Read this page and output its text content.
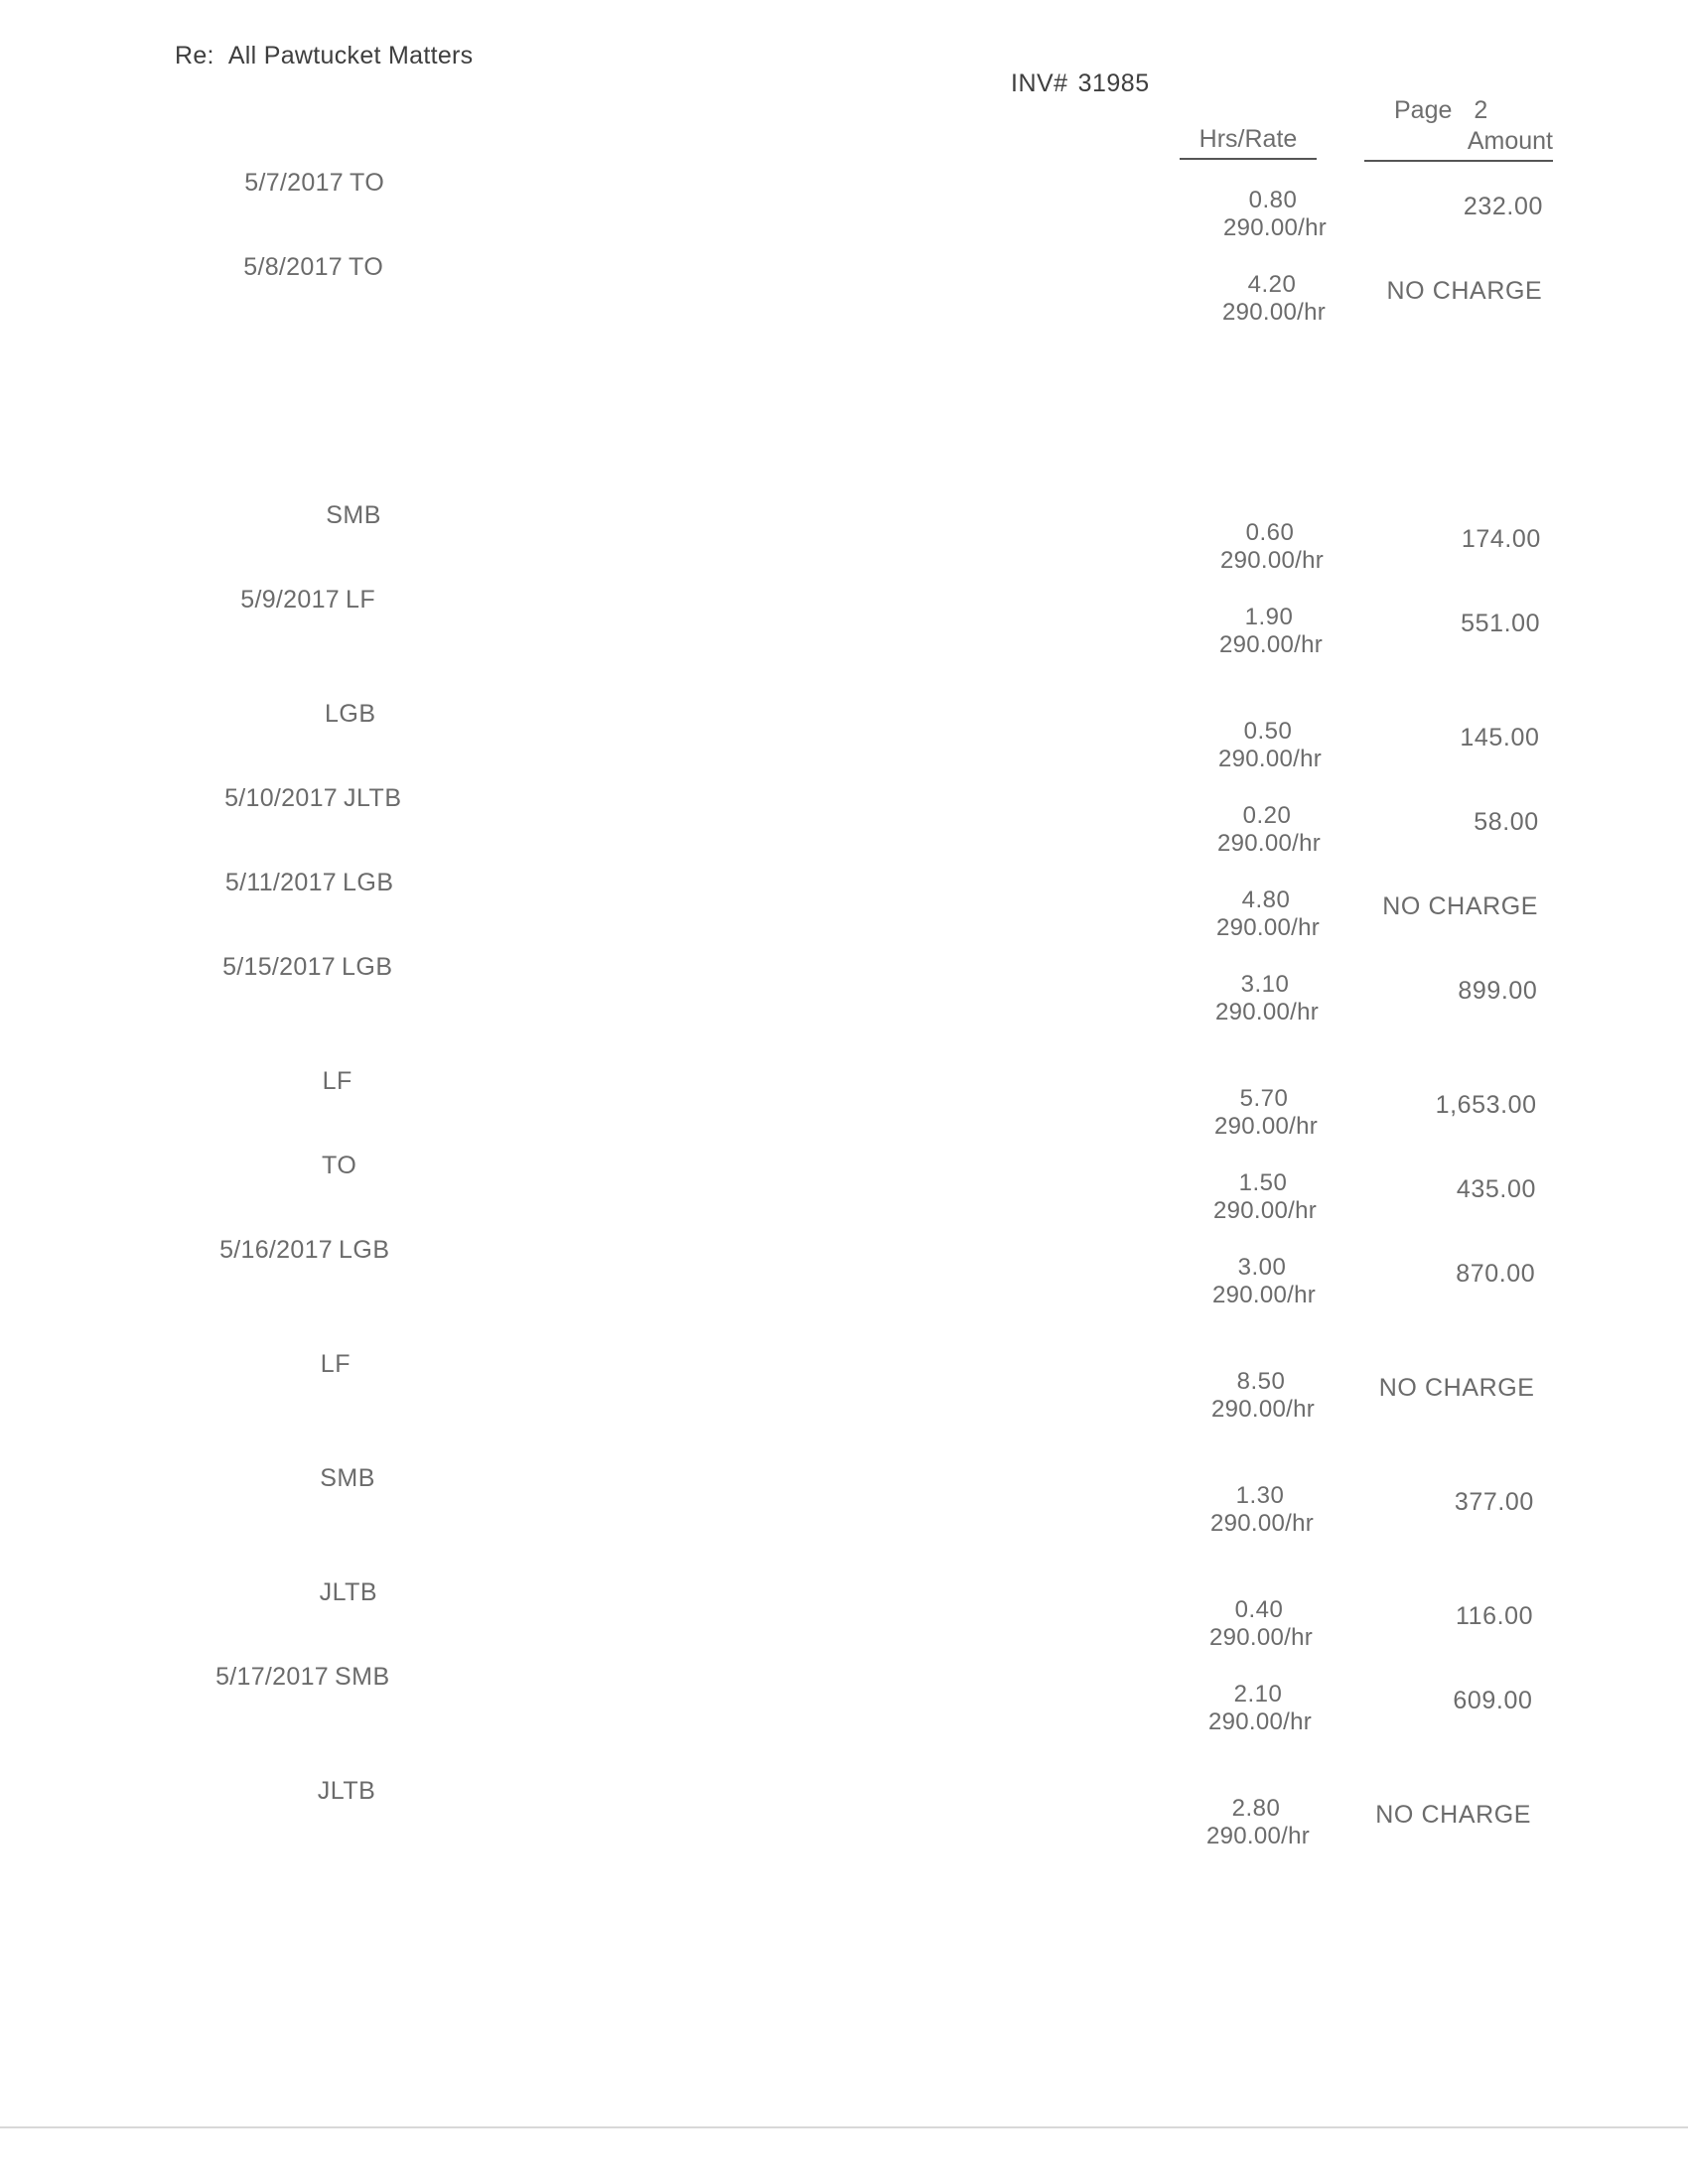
Re: All Pawtucket Matters
INV# 31985
Page 2
Hrs/Rate	Amount
5/7/2017 TO
0.80
290.00/hr
232.00
5/8/2017 TO
4.20
290.00/hr
NO CHARGE
SMB
0.60
290.00/hr
174.00
5/9/2017 LF
1.90
290.00/hr
551.00
LGB
0.50
290.00/hr
145.00
5/10/2017 JLTB
0.20
290.00/hr
58.00
5/11/2017 LGB
4.80
290.00/hr
NO CHARGE
5/15/2017 LGB
3.10
290.00/hr
899.00
LF
5.70
290.00/hr
1,653.00
TO
1.50
290.00/hr
435.00
5/16/2017 LGB
3.00
290.00/hr
870.00
LF
8.50
290.00/hr
NO CHARGE
SMB
1.30
290.00/hr
377.00
JLTB
0.40
290.00/hr
116.00
5/17/2017 SMB
2.10
290.00/hr
609.00
JLTB
2.80
290.00/hr
NO CHARGE
